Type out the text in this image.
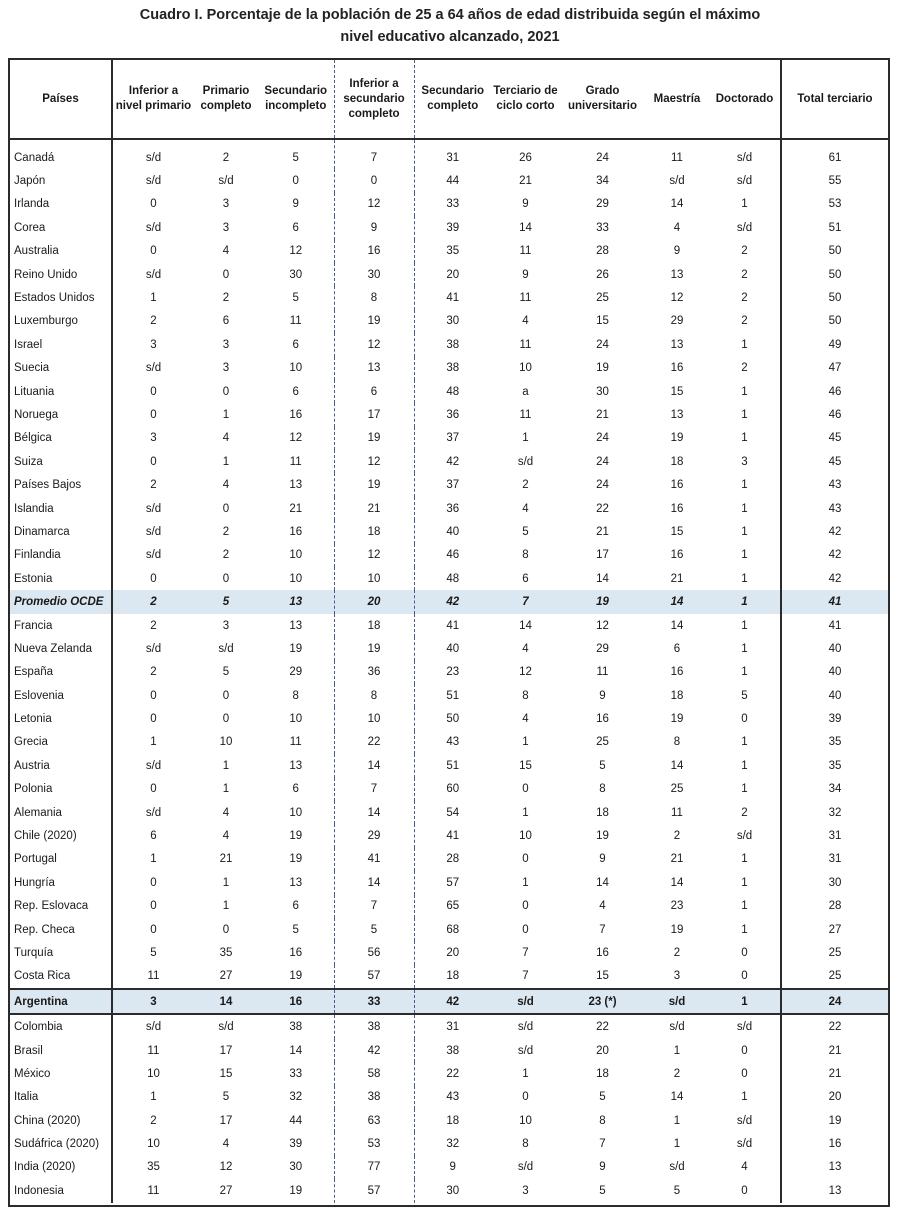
Cuadro I. Porcentaje de la población de 25 a 64 años de edad distribuida según el máximo
nivel educativo alcanzado, 2021
Países	Inferior a nivel primario	Primario completo	Secundario incompleto	Inferior a secundario completo	Secundario completo	Terciario de ciclo corto	Grado universitario	Maestría	Doctorado	Total terciario
Canadá	s/d	2	5	7	31	26	24	11	s/d	61
Japón	s/d	s/d	0	0	44	21	34	s/d	s/d	55
Irlanda	0	3	9	12	33	9	29	14	1	53
Corea	s/d	3	6	9	39	14	33	4	s/d	51
Australia	0	4	12	16	35	11	28	9	2	50
Reino Unido	s/d	0	30	30	20	9	26	13	2	50
Estados Unidos	1	2	5	8	41	11	25	12	2	50
Luxemburgo	2	6	11	19	30	4	15	29	2	50
Israel	3	3	6	12	38	11	24	13	1	49
Suecia	s/d	3	10	13	38	10	19	16	2	47
Lituania	0	0	6	6	48	a	30	15	1	46
Noruega	0	1	16	17	36	11	21	13	1	46
Bélgica	3	4	12	19	37	1	24	19	1	45
Suiza	0	1	11	12	42	s/d	24	18	3	45
Países Bajos	2	4	13	19	37	2	24	16	1	43
Islandia	s/d	0	21	21	36	4	22	16	1	43
Dinamarca	s/d	2	16	18	40	5	21	15	1	42
Finlandia	s/d	2	10	12	46	8	17	16	1	42
Estonia	0	0	10	10	48	6	14	21	1	42
Promedio OCDE	2	5	13	20	42	7	19	14	1	41
Francia	2	3	13	18	41	14	12	14	1	41
Nueva Zelanda	s/d	s/d	19	19	40	4	29	6	1	40
España	2	5	29	36	23	12	11	16	1	40
Eslovenia	0	0	8	8	51	8	9	18	5	40
Letonia	0	0	10	10	50	4	16	19	0	39
Grecia	1	10	11	22	43	1	25	8	1	35
Austria	s/d	1	13	14	51	15	5	14	1	35
Polonia	0	1	6	7	60	0	8	25	1	34
Alemania	s/d	4	10	14	54	1	18	11	2	32
Chile (2020)	6	4	19	29	41	10	19	2	s/d	31
Portugal	1	21	19	41	28	0	9	21	1	31
Hungría	0	1	13	14	57	1	14	14	1	30
Rep. Eslovaca	0	1	6	7	65	0	4	23	1	28
Rep. Checa	0	0	5	5	68	0	7	19	1	27
Turquía	5	35	16	56	20	7	16	2	0	25
Costa Rica	11	27	19	57	18	7	15	3	0	25
Argentina	3	14	16	33	42	s/d	23 (*)	s/d	1	24
Colombia	s/d	s/d	38	38	31	s/d	22	s/d	s/d	22
Brasil	11	17	14	42	38	s/d	20	1	0	21
México	10	15	33	58	22	1	18	2	0	21
Italia	1	5	32	38	43	0	5	14	1	20
China (2020)	2	17	44	63	18	10	8	1	s/d	19
Sudáfrica (2020)	10	4	39	53	32	8	7	1	s/d	16
India (2020)	35	12	30	77	9	s/d	9	s/d	4	13
Indonesia	11	27	19	57	30	3	5	5	0	13
